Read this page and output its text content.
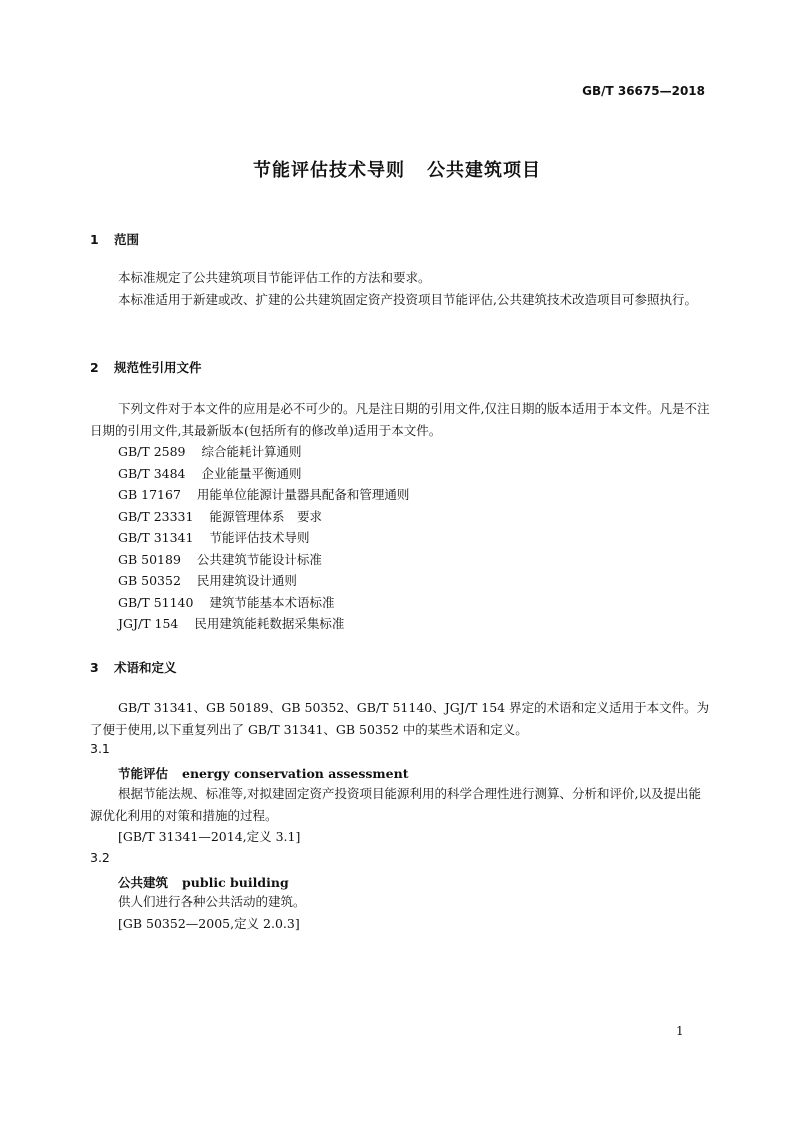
GB/T 36675—2018
节能评估技术导则 公共建筑项目
1 范围
本标准规定了公共建筑项目节能评估工作的方法和要求。
本标准适用于新建或改、扩建的公共建筑固定资产投资项目节能评估,公共建筑技术改造项目可参照执行。
2 规范性引用文件
下列文件对于本文件的应用是必不可少的。凡是注日期的引用文件,仅注日期的版本适用于本文件。凡是不注日期的引用文件,其最新版本(包括所有的修改单)适用于本文件。
GB/T 2589 综合能耗计算通则
GB/T 3484 企业能量平衡通则
GB 17167 用能单位能源计量器具配备和管理通则
GB/T 23331 能源管理体系　要求
GB/T 31341 节能评估技术导则
GB 50189 公共建筑节能设计标准
GB 50352 民用建筑设计通则
GB/T 51140 建筑节能基本术语标准
JGJ/T 154 民用建筑能耗数据采集标准
3 术语和定义
GB/T 31341、GB 50189、GB 50352、GB/T 51140、JGJ/T 154 界定的术语和定义适用于本文件。为了便于使用,以下重复列出了 GB/T 31341、GB 50352 中的某些术语和定义。
3.1
节能评估 energy conservation assessment
根据节能法规、标准等,对拟建固定资产投资项目能源利用的科学合理性进行测算、分析和评价,以及提出能源优化利用的对策和措施的过程。
[GB/T 31341—2014,定义 3.1]
3.2
公共建筑 public building
供人们进行各种公共活动的建筑。
[GB 50352—2005,定义 2.0.3]
1
